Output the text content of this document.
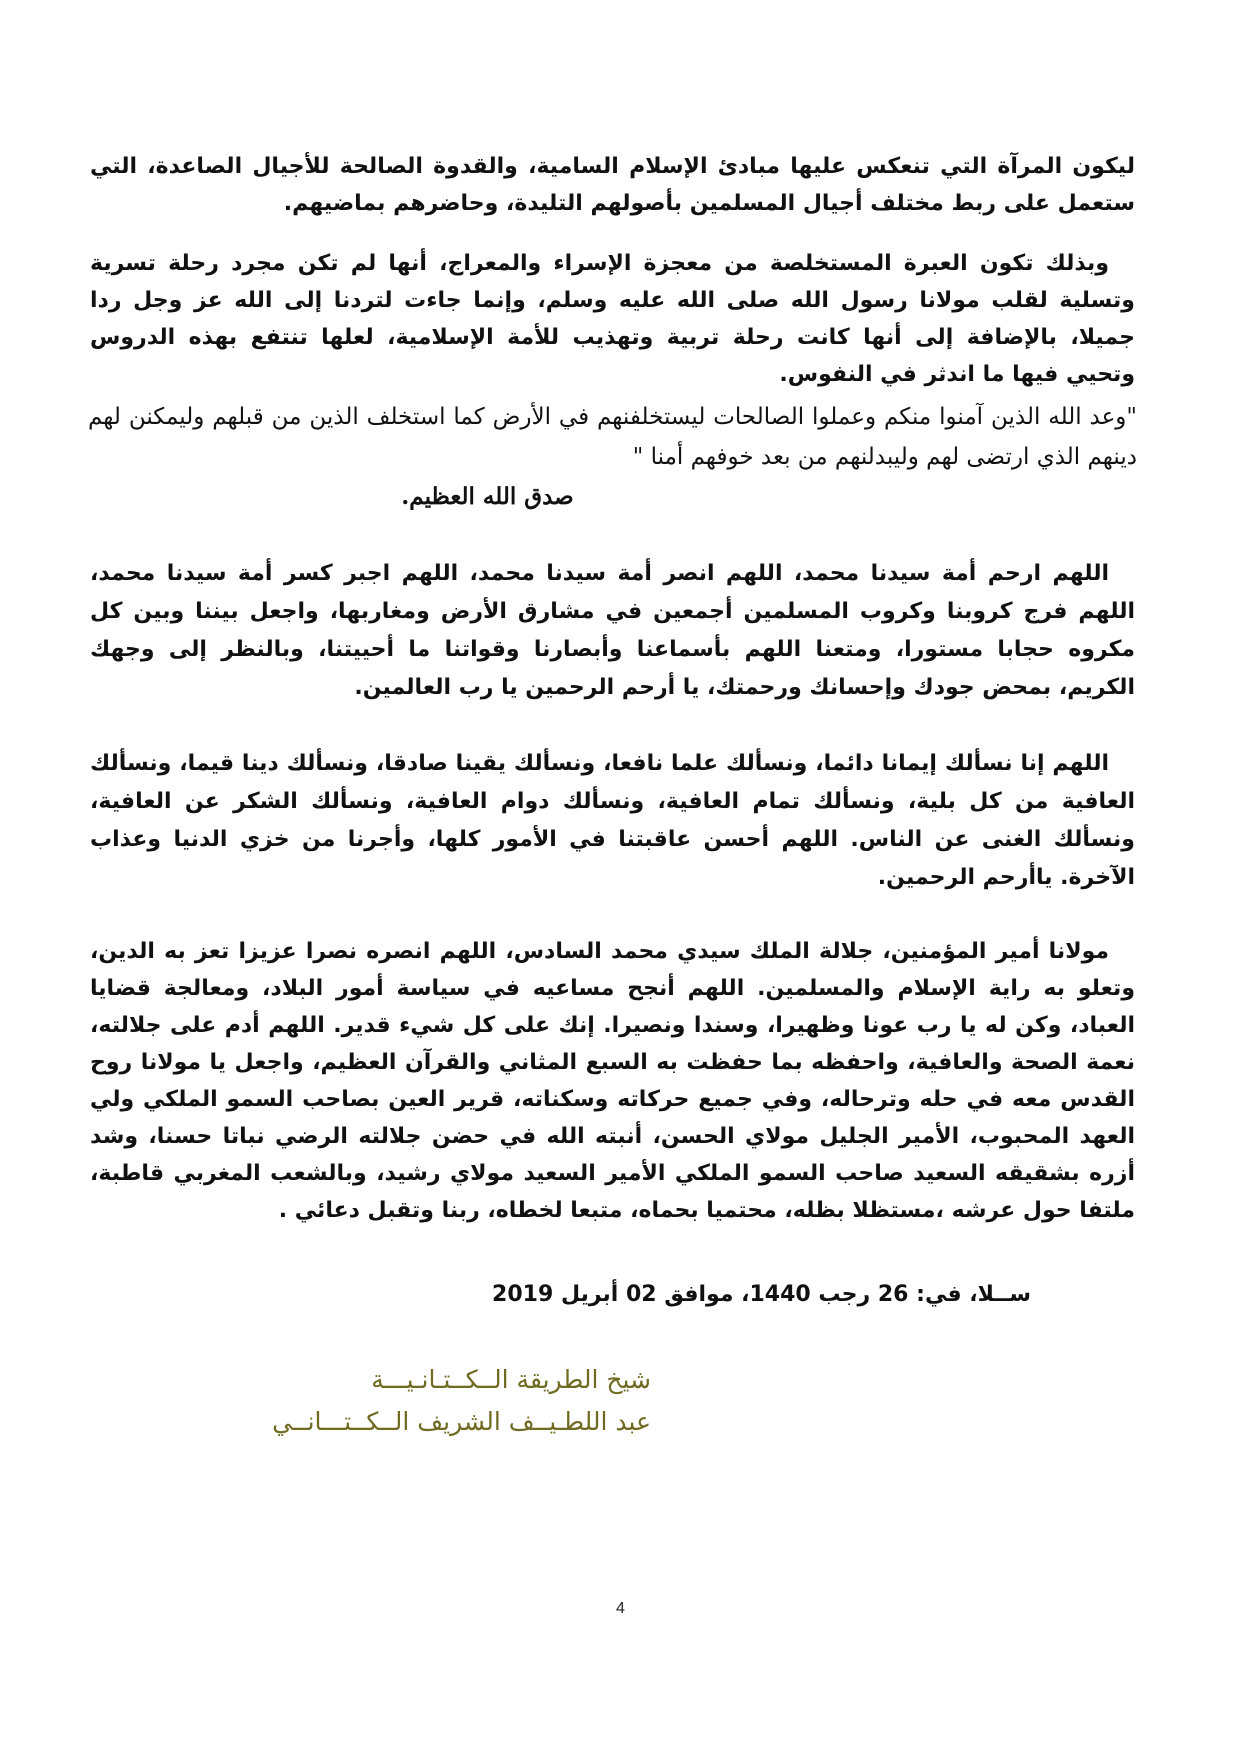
ليكون المرآة التي تنعكس عليها مبادئ الإسلام السامية، والقدوة الصالحة للأجيال الصاعدة، التي ستعمل على ربط مختلف أجيال المسلمين بأصولهم التليدة، وحاضرهم بماضيهم.

وبذلك تكون العبرة المستخلصة من معجزة الإسراء والمعراج، أنها لم تكن مجرد رحلة تسرية وتسلية لقلب مولانا رسول الله صلى الله عليه وسلم، وإنما جاءت لتردنا إلى الله عز وجل ردا جميلا، بالإضافة إلى أنها كانت رحلة تربية وتهذيب للأمة الإسلامية، لعلها تنتفع بهذه الدروس وتحيي فيها ما اندثر في النفوس.

"وعد الله الذين آمنوا منكم وعملوا الصالحات ليستخلفنهم في الأرض كما استخلف الذين من قبلهم وليمكنن لهم دينهم الذي ارتضى لهم وليبدلنهم من بعد خوفهم أمنا "

صدق الله العظيم.

اللهم ارحم أمة سيدنا محمد، اللهم انصر أمة سيدنا محمد، اللهم اجبر كسر أمة سيدنا محمد، اللهم فرج كروبنا وكروب المسلمين أجمعين في مشارق الأرض ومغاربها، واجعل بيننا وبين كل مكروه حجابا مستورا، ومتعنا اللهم بأسماعنا وأبصارنا وقواتنا ما أحييتنا، وبالنظر إلى وجهك الكريم، بمحض جودك وإحسانك ورحمتك، يا أرحم الرحمين يا رب العالمين.

اللهم إنا نسألك إيمانا دائما، ونسألك علما نافعا، ونسألك يقينا صادقا، ونسألك دينا قيما، ونسألك العافية من كل بلية، ونسألك تمام العافية، ونسألك دوام العافية، ونسألك الشكر عن العافية، ونسألك الغنى عن الناس. اللهم أحسن عاقبتنا في الأمور كلها، وأجرنا من خزي الدنيا وعذاب الآخرة. ياأرحم الرحمين.

مولانا أمير المؤمنين، جلالة الملك سيدي محمد السادس، اللهم انصره نصرا عزيزا تعز به الدين، وتعلو به راية الإسلام والمسلمين. اللهم أنجح مساعيه في سياسة أمور البلاد، ومعالجة قضايا العباد، وكن له يا رب عونا وظهيرا، وسندا ونصيرا. إنك على كل شيء قدير. اللهم أدم على جلالته، نعمة الصحة والعافية، واحفظه بما حفظت به السبع المثاني والقرآن العظيم، واجعل يا مولانا روح القدس معه في حله وترحاله، وفي جميع حركاته وسكناته، قرير العين بصاحب السمو الملكي ولي العهد المحبوب، الأمير الجليل مولاي الحسن، أنبته الله في حضن جلالته الرضي نباتا حسنا، وشد أزره بشقيقه السعيد صاحب السمو الملكي الأمير السعيد مولاي رشيد، وبالشعب المغربي قاطبة، ملتفا حول عرشه ،مستظلا بظله، محتميا بحماه، متبعا لخطاه، ربنا وتقبل دعائي .

ســلا، في: 26 رجب 1440، موافق 02 أبريل 2019
شيخ الطريقة الــكــتـانـيـــة
عبد اللطـيــف الشريف الــكــتـــانــي
4
